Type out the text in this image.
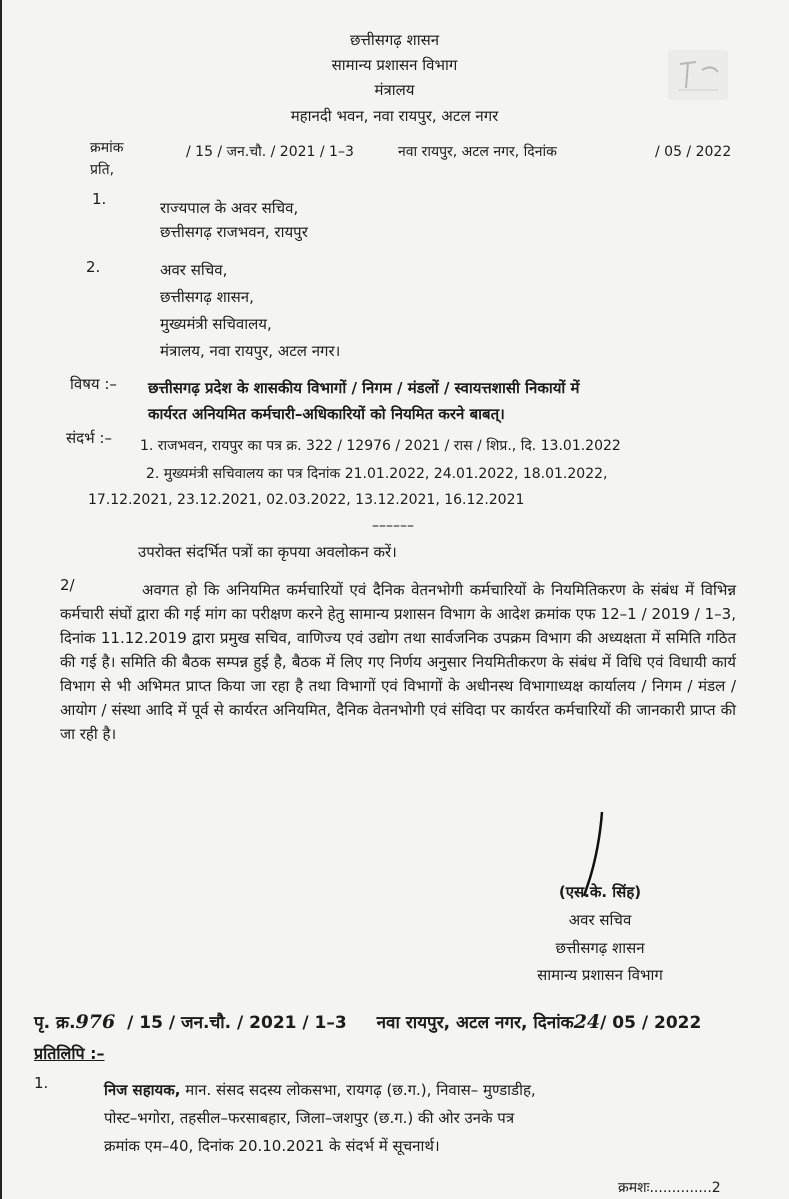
छत्तीसगढ़ शासन
सामान्य प्रशासन विभाग
मंत्रालय
महानदी भवन, नवा रायपुर, अटल नगर
क्रमांक	/ 15 / जन.चौ. / 2021 / 1–3	नवा रायपुर, अटल नगर, दिनांक	/ 05 / 2022
प्रति,
1.	राज्यपाल के अवर सचिव,
छत्तीसगढ़ राजभवन, रायपुर
2.	अवर सचिव,
छत्तीसगढ़ शासन,
मुख्यमंत्री सचिवालय,
मंत्रालय, नवा रायपुर, अटल नगर।
विषय :– छत्तीसगढ़ प्रदेश के शासकीय विभागों / निगम / मंडलों / स्वायत्तशासी निकायों में
कार्यरत अनियमित कर्मचारी–अधिकारियों को नियमित करने बाबत्।
संदर्भ :– 1. राजभवन, रायपुर का पत्र क्र. 322 / 12976 / 2021 / रास / शिप्र., दि. 13.01.2022
2. मुख्यमंत्री सचिवालय का पत्र दिनांक 21.01.2022, 24.01.2022, 18.01.2022,
17.12.2021, 23.12.2021, 02.03.2022, 13.12.2021, 16.12.2021
––––––
उपरोक्त संदर्भित पत्रों का कृपया अवलोकन करें।
2/	अवगत हो कि अनियमित कर्मचारियों एवं दैनिक वेतनभोगी कर्मचारियों के नियमितिकरण के संबंध में विभिन्न कर्मचारी संघों द्वारा की गई मांग का परीक्षण करने हेतु सामान्य प्रशासन विभाग के आदेश क्रमांक एफ 12–1 / 2019 / 1–3, दिनांक 11.12.2019 द्वारा प्रमुख सचिव, वाणिज्य एवं उद्योग तथा सार्वजनिक उपक्रम विभाग की अध्यक्षता में समिति गठित की गई है। समिति की बैठक सम्पन्न हुई है, बैठक में लिए गए निर्णय अनुसार नियमितीकरण के संबंध में विधि एवं विधायी कार्य विभाग से भी अभिमत प्राप्त किया जा रहा है तथा विभागों एवं विभागों के अधीनस्थ विभागाध्यक्ष कार्यालय / निगम / मंडल / आयोग / संस्था आदि में पूर्व से कार्यरत अनियमित, दैनिक वेतनभोगी एवं संविदा पर कार्यरत कर्मचारियों की जानकारी प्राप्त की जा रही है।
(एस.के. सिंह)
अवर सचिव
छत्तीसगढ़ शासन
सामान्य प्रशासन विभाग
पृ. क्र.976 / 15 / जन.चौ. / 2021 / 1–3 नवा रायपुर, अटल नगर, दिनांक24/ 05 / 2022
प्रतिलिपि :–
1.	निज सहायक, मान. संसद सदस्य लोकसभा, रायगढ़ (छ.ग.), निवास– मुण्डाडीह,
पोस्ट–भगोरा, तहसील–फरसाबहार, जिला–जशपुर (छ.ग.) की ओर उनके पत्र
क्रमांक एम–40, दिनांक 20.10.2021 के संदर्भ में सूचनार्थ।
क्रमशः..............2
